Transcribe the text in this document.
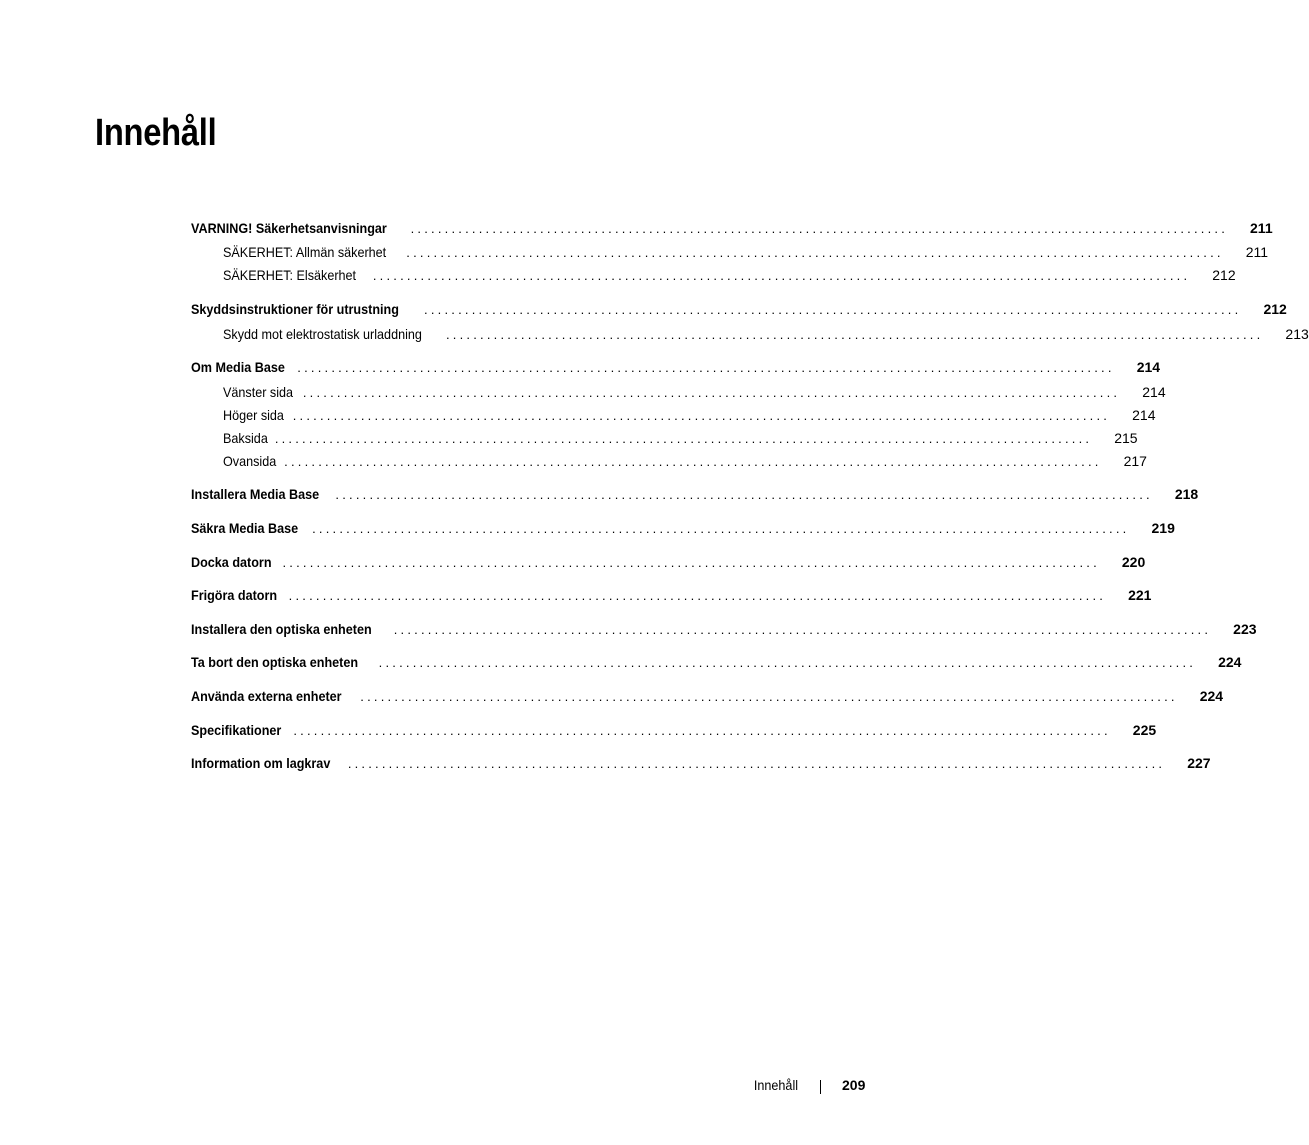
Innehåll
VARNING! Säkerhetsanvisningar ........................................................................................................................ 211
SÄKERHET: Allmän säkerhet ........................................................................................................................ 211
SÄKERHET: Elsäkerhet ........................................................................................................................ 212
Skyddsinstruktioner för utrustning ........................................................................................................................ 212
Skydd mot elektrostatisk urladdning ........................................................................................................................ 213
Om Media Base ........................................................................................................................ 214
Vänster sida ........................................................................................................................ 214
Höger sida ........................................................................................................................ 214
Baksida ........................................................................................................................ 215
Ovansida ........................................................................................................................ 217
Installera Media Base ........................................................................................................................ 218
Säkra Media Base ........................................................................................................................ 219
Docka datorn ........................................................................................................................ 220
Frigöra datorn ........................................................................................................................ 221
Installera den optiska enheten ........................................................................................................................ 223
Ta bort den optiska enheten ........................................................................................................................ 224
Använda externa enheter ........................................................................................................................ 224
Specifikationer ........................................................................................................................ 225
Information om lagkrav ........................................................................................................................ 227
Innehåll	209
